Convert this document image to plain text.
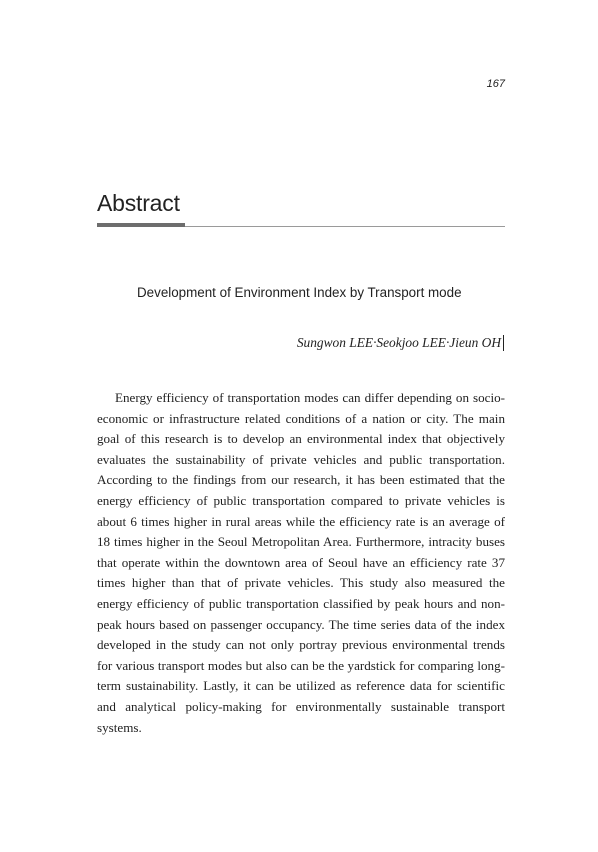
167
Abstract
Development of Environment Index by Transport mode
Sungwon LEE·Seokjoo LEE·Jieun OH
Energy efficiency of transportation modes can differ depending on socio-economic or infrastructure related conditions of a nation or city. The main goal of this research is to develop an environmental index that objectively evaluates the sustainability of private vehicles and public transportation. According to the findings from our research, it has been estimated that the energy efficiency of public transportation compared to private vehicles is about 6 times higher in rural areas while the efficiency rate is an average of 18 times higher in the Seoul Metropolitan Area. Furthermore, intracity buses that operate within the downtown area of Seoul have an efficiency rate 37 times higher than that of private vehicles. This study also measured the energy efficiency of public transportation classified by peak hours and non-peak hours based on passenger occupancy. The time series data of the index developed in the study can not only portray previous environmental trends for various transport modes but also can be the yardstick for comparing long-term sustainability. Lastly, it can be utilized as reference data for scientific and analytical policy-making for environmentally sustainable transport systems.
